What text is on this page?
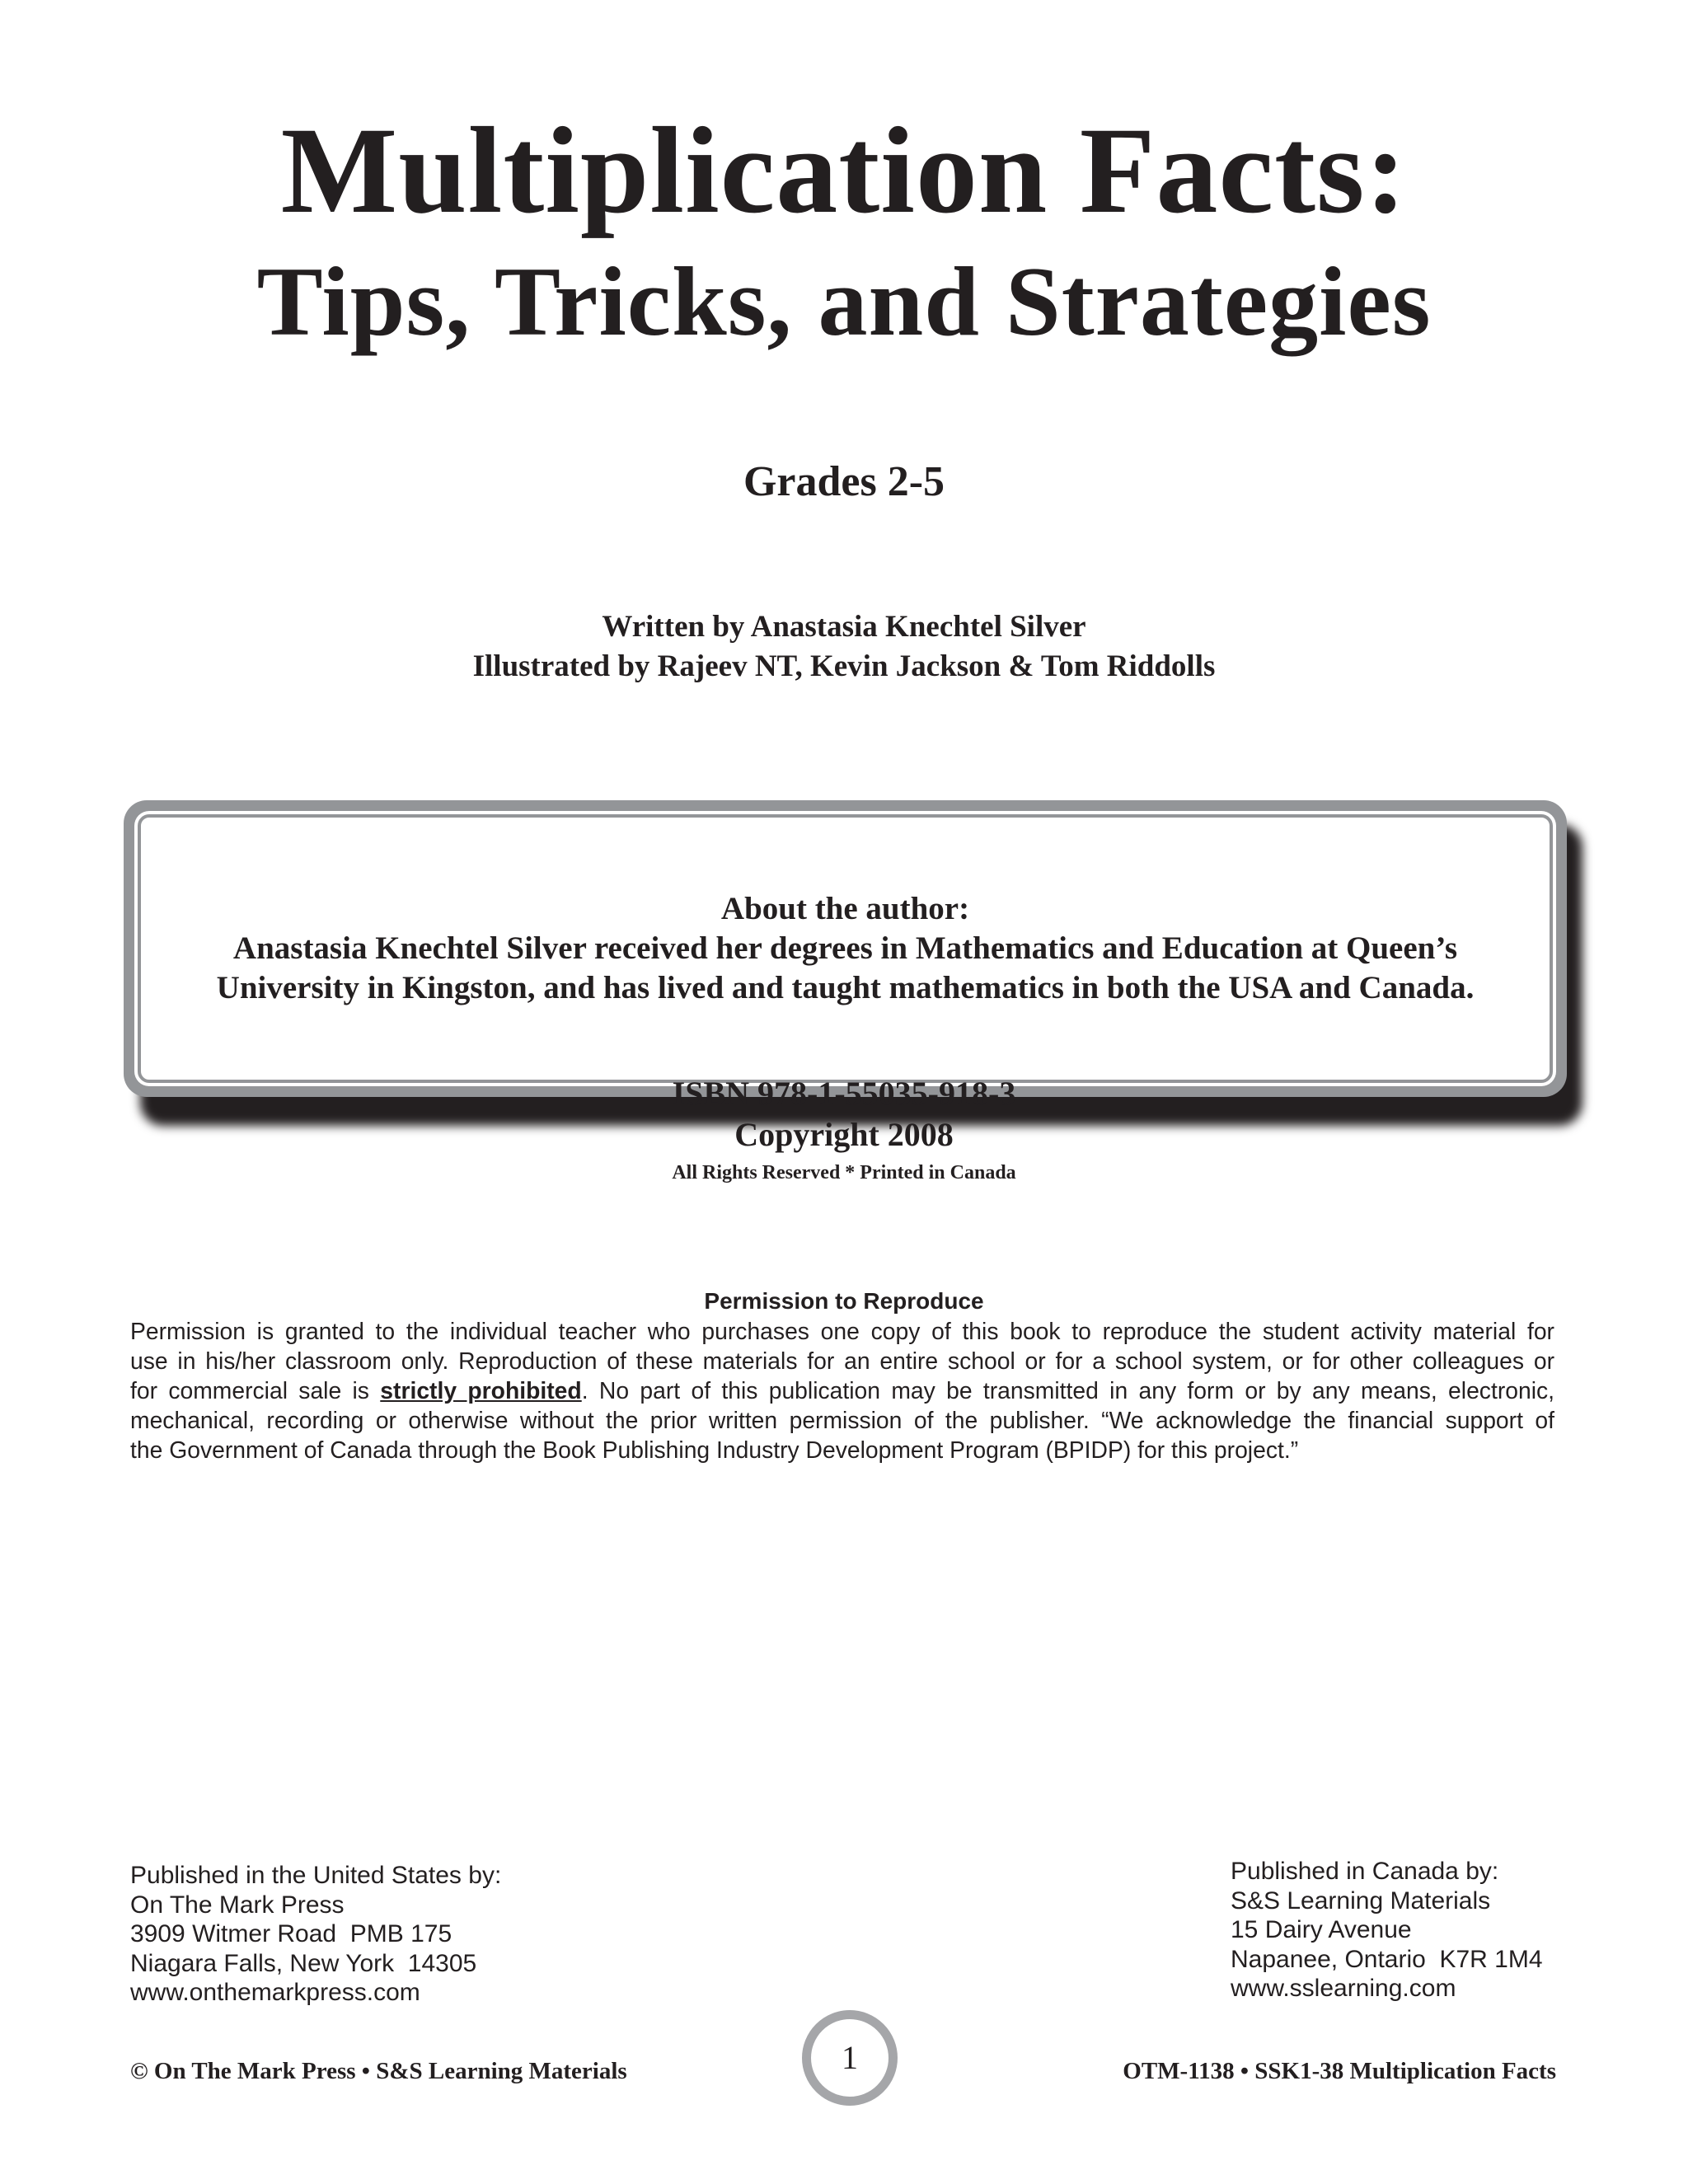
Multiplication Facts:
Tips, Tricks, and Strategies
Grades 2-5
Written by Anastasia Knechtel Silver
Illustrated by Rajeev NT, Kevin Jackson & Tom Riddolls
About the author:
Anastasia Knechtel Silver received her degrees in Mathematics and Education at Queen’s
University in Kingston, and has lived and taught mathematics in both the USA and Canada.
ISBN 978-1-55035-918-3
Copyright 2008
All Rights Reserved * Printed in Canada
Permission to Reproduce
Permission is granted to the individual teacher who purchases one copy of this book to reproduce the student activity material for
use in his/her classroom only. Reproduction of these materials for an entire school or for a school system, or for other colleagues or
for commercial sale is strictly prohibited. No part of this publication may be transmitted in any form or by any means, electronic,
mechanical, recording or otherwise without the prior written permission of the publisher. “We acknowledge the financial support of
the Government of Canada through the Book Publishing Industry Development Program (BPIDP) for this project.”
Published in the United States by:
On The Mark Press
3909 Witmer Road  PMB 175
Niagara Falls, New York  14305
www.onthemarkpress.com
Published in Canada by:
S&S Learning Materials
15 Dairy Avenue
Napanee, Ontario  K7R 1M4
www.sslearning.com
© On The Mark Press • S&S Learning Materials	1	OTM-1138 • SSK1-38 Multiplication Facts
